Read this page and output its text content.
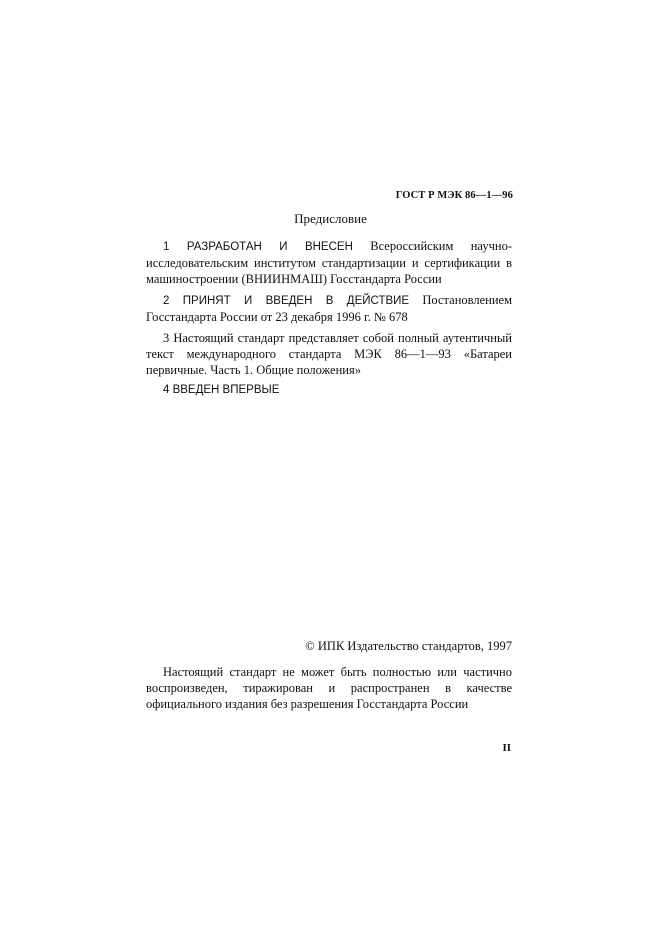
ГОСТ Р МЭК 86—1—96
Предисловие
1 РАЗРАБОТАН И ВНЕСЕН Всероссийским научно-исследовательским институтом стандартизации и сертификации в машиностроении (ВНИИНМАШ) Госстандарта России
2 ПРИНЯТ И ВВЕДЕН В ДЕЙСТВИЕ Постановлением Госстандарта России от 23 декабря 1996 г. № 678
3 Настоящий стандарт представляет собой полный аутентичный текст международного стандарта МЭК 86—1—93 «Батареи первичные. Часть 1. Общие положения»
4 ВВЕДЕН ВПЕРВЫЕ
© ИПК Издательство стандартов, 1997
Настоящий стандарт не может быть полностью или частично воспроизведен, тиражирован и распространен в качестве официального издания без разрешения Госстандарта России
II
